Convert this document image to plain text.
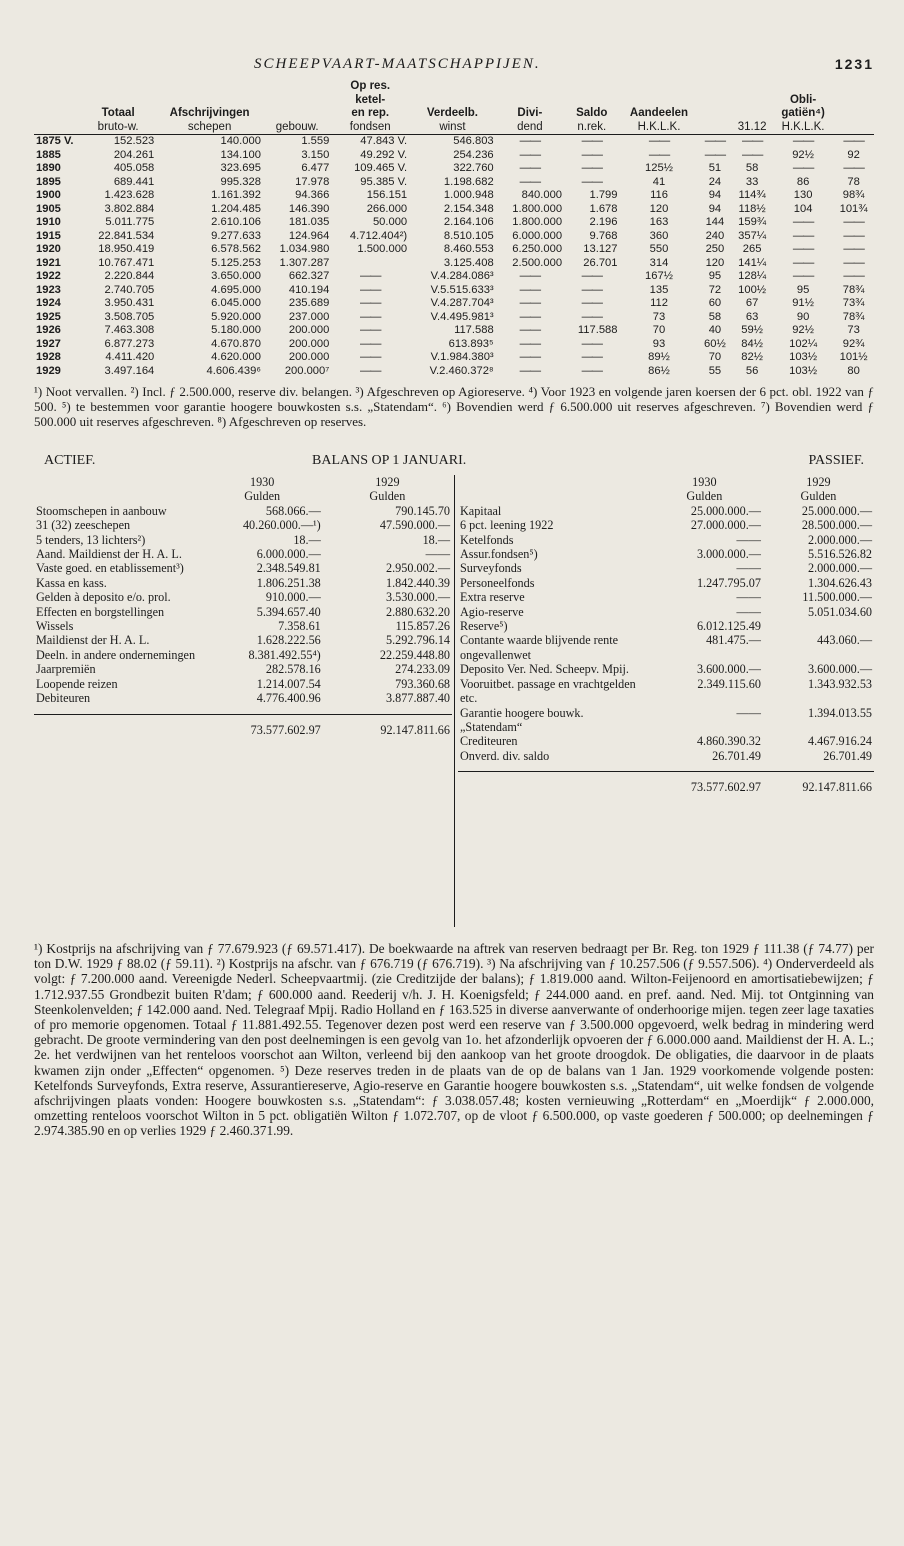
SCHEEPVAART-MAATSCHAPPIJEN.	1231
				Op res.								
	Totaal	Afschrijvingen		ketel-
en rep.	Verdeelb.	Divi-	Saldo	Aandeelen			Obli-
gatiën⁴)	
	bruto-w.	schepen	gebouw.	fondsen	winst	dend	n.rek.	H.K.L.K.		31.12	H.K.L.K.	
1875 V.	152.523	140.000	1.559	47.843 V.	546.803	——	——	——	——	——	——	——
1885	204.261	134.100	3.150	49.292 V.	254.236	——	——	——	——	——	92½	92
1890	405.058	323.695	6.477	109.465 V.	322.760	——	——	125½	51	58	——	——
1895	689.441	995.328	17.978	95.385 V.	1.198.682	——	——	41	24	33	86	78
1900	1.423.628	1.161.392	94.366	156.151	1.000.948	840.000	1.799	116	94	114¾	130	98¾
1905	3.802.884	1.204.485	146.390	266.000	2.154.348	1.800.000	1.678	120	94	118½	104	101¾
1910	5.011.775	2.610.106	181.035	50.000	2.164.106	1.800.000	2.196	163	144	159¾	——	——
1915	22.841.534	9.277.633	124.964	4.712.404²)	8.510.105	6.000.000	9.768	360	240	357¼	——	——
1920	18.950.419	6.578.562	1.034.980	1.500.000	8.460.553	6.250.000	13.127	550	250	265	——	——
1921	10.767.471	5.125.253	1.307.287		3.125.408	2.500.000	26.701	314	120	141¼	——	——
1922	2.220.844	3.650.000	662.327	——	V.4.284.086³	——	——	167½	95	128¼	——	——
1923	2.740.705	4.695.000	410.194	——	V.5.515.633³	——	——	135	72	100½	95	78¾
1924	3.950.431	6.045.000	235.689	——	V.4.287.704³	——	——	112	60	67	91½	73¾
1925	3.508.705	5.920.000	237.000	——	V.4.495.981³	——	——	73	58	63	90	78¾
1926	7.463.308	5.180.000	200.000	——	117.588	——	117.588	70	40	59½	92½	73
1927	6.877.273	4.670.870	200.000	——	613.893⁵	——	——	93	60½	84½	102¼	92¾
1928	4.411.420	4.620.000	200.000	——	V.1.984.380³	——	——	89½	70	82½	103½	101½
1929	3.497.164	4.606.439⁶	200.000⁷	——	V.2.460.372⁸	——	——	86½	55	56	103½	80

¹) Noot vervallen. ²) Incl. ƒ 2.500.000, reserve div. belangen. ³) Afgeschreven op Agioreserve. ⁴) Voor 1923 en volgende jaren koersen der 6 pct. obl. 1922 van ƒ 500. ⁵) te bestemmen voor garantie hoogere bouwkosten s.s. „Statendam“. ⁶) Bovendien werd ƒ 6.500.000 uit reserves afgeschreven. ⁷) Bovendien werd ƒ 500.000 uit reserves afgeschreven. ⁸) Afgeschreven op reserves.

ACTIEF.	BALANS OP 1 JANUARI.	PASSIEF.
	1930	1929
	Gulden	Gulden
Stoomschepen in aanbouw	568.066.—	790.145.70
31 (32) zeeschepen	40.260.000.—¹)	47.590.000.—
5 tenders, 13 lichters²)	18.—	18.—
Aand. Maildienst der H. A. L.	6.000.000.—	——
Vaste goed. en etablissement³)	2.348.549.81	2.950.002.—
Kassa en kass.	1.806.251.38	1.842.440.39
Gelden à deposito e/o. prol.	910.000.—	3.530.000.—
Effecten en borgstellingen	5.394.657.40	2.880.632.20
Wissels	7.358.61	115.857.26
Maildienst der H. A. L.	1.628.222.56	5.292.796.14
Deeln. in andere ondernemingen	8.381.492.55⁴)	22.259.448.80
Jaarpremiën	282.578.16	274.233.09
Loopende reizen	1.214.007.54	793.360.68
Debiteuren	4.776.400.96	3.877.887.40

	73.577.602.97	92.147.811.66
	1930	1929
	Gulden	Gulden
Kapitaal	25.000.000.—	25.000.000.—
6 pct. leening 1922	27.000.000.—	28.500.000.—
Ketelfonds	——	2.000.000.—
Assur.fondsen⁵)	3.000.000.—	5.516.526.82
Surveyfonds	——	2.000.000.—
Personeelfonds	1.247.795.07	1.304.626.43
Extra reserve	——	11.500.000.—
Agio-reserve	——	5.051.034.60
Reserve⁵)	6.012.125.49	
Contante waarde blijvende rente ongevallenwet	481.475.—	443.060.—
Deposito Ver. Ned. Scheepv. Mpij.	3.600.000.—	3.600.000.—
Vooruitbet. passage en vrachtgelden etc.	2.349.115.60	1.343.932.53
Garantie hoogere bouwk. „Statendam“	——	1.394.013.55
Crediteuren	4.860.390.32	4.467.916.24
Onverd. div. saldo	26.701.49	26.701.49

	73.577.602.97	92.147.811.66

¹) Kostprijs na afschrijving van ƒ 77.679.923 (ƒ 69.571.417). De boekwaarde na aftrek van reserven bedraagt per Br. Reg. ton 1929 ƒ 111.38 (ƒ 74.77) per ton D.W. 1929 ƒ 88.02 (ƒ 59.11). ²) Kostprijs na afschr. van ƒ 676.719 (ƒ 676.719). ³) Na afschrijving van ƒ 10.257.506 (ƒ 9.557.506). ⁴) Onderverdeeld als volgt: ƒ 7.200.000 aand. Vereenigde Nederl. Scheepvaartmij. (zie Creditzijde der balans); ƒ 1.819.000 aand. Wilton-Feijenoord en amortisatiebewijzen; ƒ 1.712.937.55 Grondbezit buiten R'dam; ƒ 600.000 aand. Reederij v/h. J. H. Koenigsfeld; ƒ 244.000 aand. en pref. aand. Ned. Mij. tot Ontginning van Steenkolenvelden; ƒ 142.000 aand. Ned. Telegraaf Mpij. Radio Holland en ƒ 163.525 in diverse aanverwante of onderhoorige mijen. tegen zeer lage taxaties of pro memorie opgenomen. Totaal ƒ 11.881.492.55. Tegenover dezen post werd een reserve van ƒ 3.500.000 opgevoerd, welk bedrag in mindering werd gebracht. De groote vermindering van den post deelnemingen is een gevolg van 1o. het afzonderlijk opvoeren der ƒ 6.000.000 aand. Maildienst der H. A. L.; 2e. het verdwijnen van het renteloos voorschot aan Wilton, verleend bij den aankoop van het groote droogdok. De obligaties, die daarvoor in de plaats kwamen zijn onder „Effecten“ opgenomen. ⁵) Deze reserves treden in de plaats van de op de balans van 1 Jan. 1929 voorkomende volgende posten: Ketelfonds Surveyfonds, Extra reserve, Assurantiereserve, Agio-reserve en Garantie hoogere bouwkosten s.s. „Statendam“, uit welke fondsen de volgende afschrijvingen plaats vonden: Hoogere bouwkosten s.s. „Statendam“: ƒ 3.038.057.48; kosten vernieuwing „Rotterdam“ en „Moerdijk“ ƒ 2.000.000, omzetting renteloos voorschot Wilton in 5 pct. obligatiën Wilton ƒ 1.072.707, op de vloot ƒ 6.500.000, op vaste goederen ƒ 500.000; op deelnemingen ƒ 2.974.385.90 en op verlies 1929 ƒ 2.460.371.99.
